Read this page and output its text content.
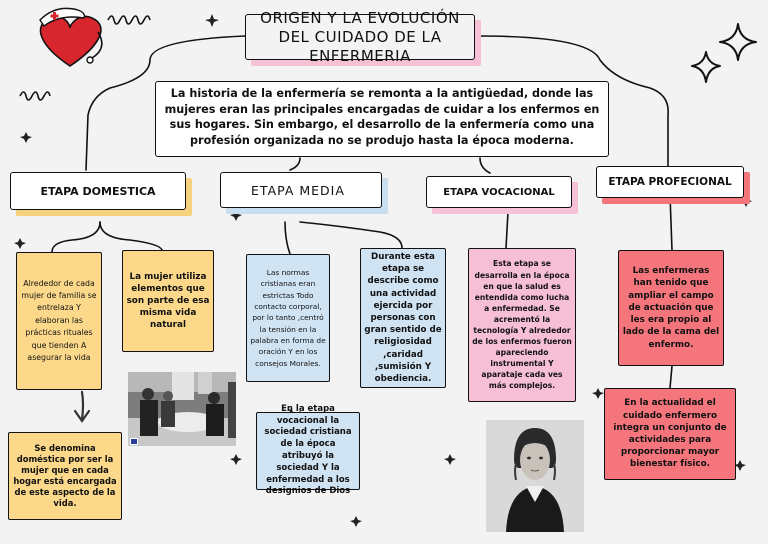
ORIGEN Y LA EVOLUCIÓN DEL CUIDADO DE LA ENFERMERIA
La historia de la enfermería se remonta a la antigüedad, donde las mujeres eran las principales encargadas de cuidar a los enfermos en sus hogares. Sin embargo, el desarrollo de la enfermería como una profesión organizada no se produjo hasta la época moderna.
ETAPA DOMESTICA	ETAPA MEDIA	ETAPA VOCACIONAL
ETAPA PROFECIONAL
Alrededor de cada mujer de familia se entrelaza Y elaboran las prácticas rituales que tienden A asegurar la vida
La mujer utiliza elementos que son parte de esa misma vida natural
Se denomina doméstica por ser la mujer que en cada hogar está encargada de este aspecto de la vida.
Las normas cristianas eran estrictas Todo contacto corporal, por lo tanto ,centró la tensión en la palabra en forma de oración Y en los consejos Morales.
Durante esta etapa se describe como una actividad ejercida por personas con gran sentido de religiosidad ,caridad ,sumisión Y obediencia.
En la etapa vocacional la sociedad cristiana de la época atribuyó la sociedad Y la enfermedad a los designios de Dios
Esta etapa se desarrolla en la época en que la salud es entendida como lucha a enfermedad. Se acrementó la tecnología Y alrededor de los enfermos fueron apareciendo instrumental Y aparataje cada ves más complejos.
Las enfermeras han tenido que ampliar el campo de actuación que les era propio al lado de la cama del enfermo.
En la actualidad el cuidado enfermero integra un conjunto de actividades para proporcionar mayor bienestar físico.
